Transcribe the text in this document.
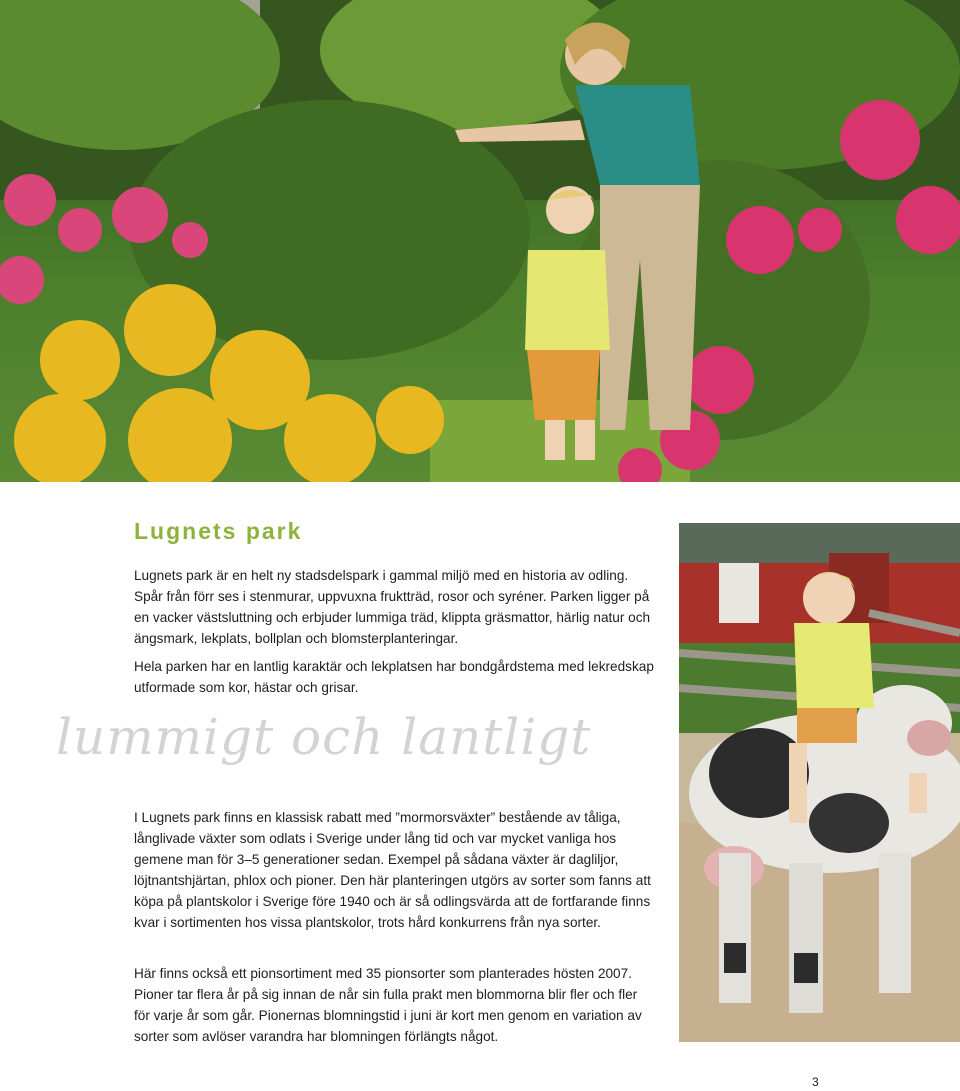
Lugnets park

Lugnets park är en helt ny stadsdelspark i gammal miljö med en historia av odling. Spår från förr ses i stenmurar, uppvuxna fruktträd, rosor och syréner. Parken ligger på en vacker västsluttning och erbjuder lummiga träd, klippta gräsmattor, härlig natur och ängsmark, lekplats, bollplan och blomsterplanteringar.

Hela parken har en lantlig karaktär och lekplatsen har bondgårdstema med lekredskap utformade som kor, hästar och grisar.

lummigt och lantligt

I Lugnets park finns en klassisk rabatt med ”mormorsväxter” bestående av tåliga, långlivade växter som odlats i Sverige under lång tid och var mycket vanliga hos gemene man för 3–5 generationer sedan. Exempel på sådana växter är dagliljor, löjtnantshjärtan, phlox och pioner. Den här planteringen utgörs av sorter som fanns att köpa på plantskolor i Sverige före 1940 och är så odlingsvärda att de fortfarande finns kvar i sortimenten hos vissa plantskolor, trots hård konkurrens från nya sorter.

Här finns också ett pionsortiment med 35 pionsorter som planterades hösten 2007. Pioner tar flera år på sig innan de når sin fulla prakt men blommorna blir fler och fler för varje år som går. Pionernas blomningstid i juni är kort men genom en variation av sorter som avlöser varandra har blomningen förlängts något.

3
